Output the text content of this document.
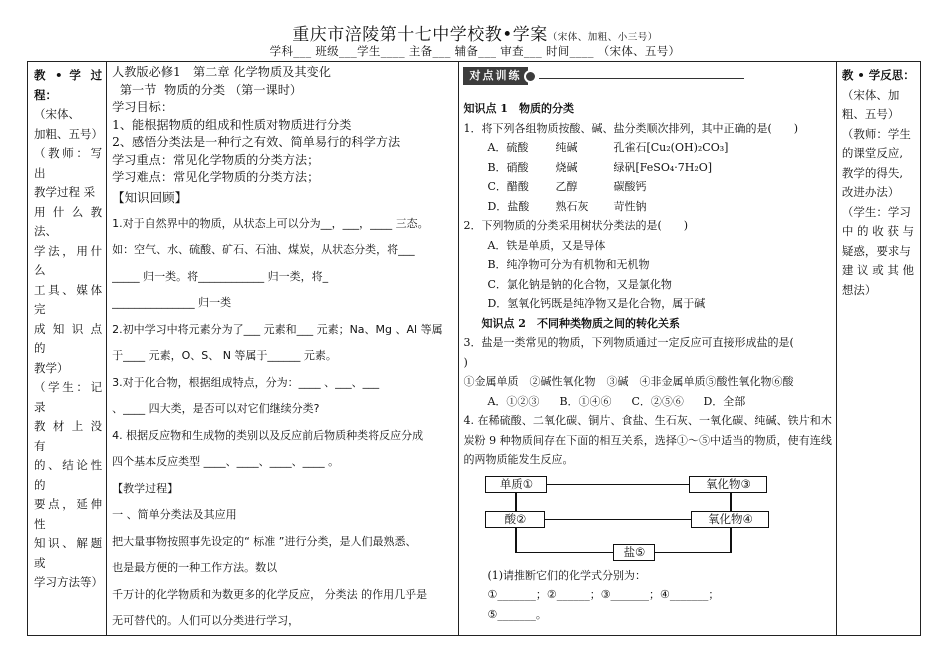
重庆市涪陵第十七中学校教•学案（宋体、加粗、小三号）
学科___ 班级___学生____ 主备___ 辅备___ 审查___ 时间____ （宋体、五号）
教 • 学 过 程：
（宋体、
加粗、五号）
（教师：写出
教学过程 采
用什么教法、
学法，用什么
工具、媒体完
成 知 识 点 的
教学）
（学生：记录
教 材 上 没 有
的、结论性的
要点，延伸性
知识、解题或
学习方法等）

人教版必修1　第二章 化学物质及其变化
第一节  物质的分类 （第一课时）
学习目标：
1、能根据物质的组成和性质对物质进行分类
2、感悟分类法是一种行之有效、简单易行的科学方法
学习重点：常见化学物质的分类方法；
学习难点：常见化学物质的分类方法；
【知识回顾】
1.对于自然界中的物质，从状态上可以分为__，___，____ 三态。
如：空气、水、硫酸、矿石、石油、煤炭，从状态分类，将___
_____ 归一类。将____________ 归一类，将_
_______________ 归一类
2.初中学习中将元素分为了___ 元素和___ 元素；Na、Mg 、Al 等属
于____ 元素，O、S、 N 等属于______ 元素。
3.对于化合物，根据组成特点，分为：____ 、___、___
、____ 四大类，是否可以对它们继续分类?
4. 根据反应物和生成物的类别以及反应前后物质种类将反应分成
四个基本反应类型 ____、____、____、____ 。
【教学过程】
一 、简单分类法及其应用
把大量事物按照事先设定的“ 标准 ”进行分类，是人们最熟悉、
也是最方便的一种工作方法。数以
千万计的化学物质和为数更多的化学反应， 分类法 的作用几乎是
无可替代的。人们可以分类进行学习，

对点训练
知识点 1　物质的分类
1．将下列各组物质按酸、碱、盐分类顺次排列，其中正确的是(　　)
A．硫酸 纯碱	孔雀石[Cu₂(OH)₂CO₃]
B．硝酸 烧碱	绿矾[FeSO₄·7H₂O]
C．醋酸 乙醇	碳酸钙
D．盐酸 熟石灰 苛性钠
2．下列物质的分类采用树状分类法的是(　　)
A．铁是单质，又是导体
B．纯净物可分为有机物和无机物
C．氯化钠是钠的化合物，又是氯化物
D．氢氧化钙既是纯净物又是化合物，属于碱
知识点 2　不同种类物质之间的转化关系
3．盐是一类常见的物质，下列物质通过一定反应可直接形成盐的是(
)
①金属单质　②碱性氧化物　③碱　④非金属单质⑤酸性氧化物⑥酸
A．①②③ B．①④⑥ C．②⑤⑥ D．全部
4. 在稀硫酸、二氧化碳、铜片、食盐、生石灰、一氧化碳、纯碱、铁片和木炭粉 9 种物质间存在下面的相互关系，选择①～⑤中适当的物质，使有连线的两物质能发生反应。
单质①
酸②
氧化物③
氧化物④
盐⑤
(1)请推断它们的化学式分别为：
①_______；②______；③_______；④_______；
⑤_______。

教 • 学反思：
（宋体、加
粗、五号）
（教师：学生
的课堂反应,
教学的得失,
改进办法）
（学生：学习
中 的 收 获 与
疑惑，要求与
建 议 或 其 他
想法）
